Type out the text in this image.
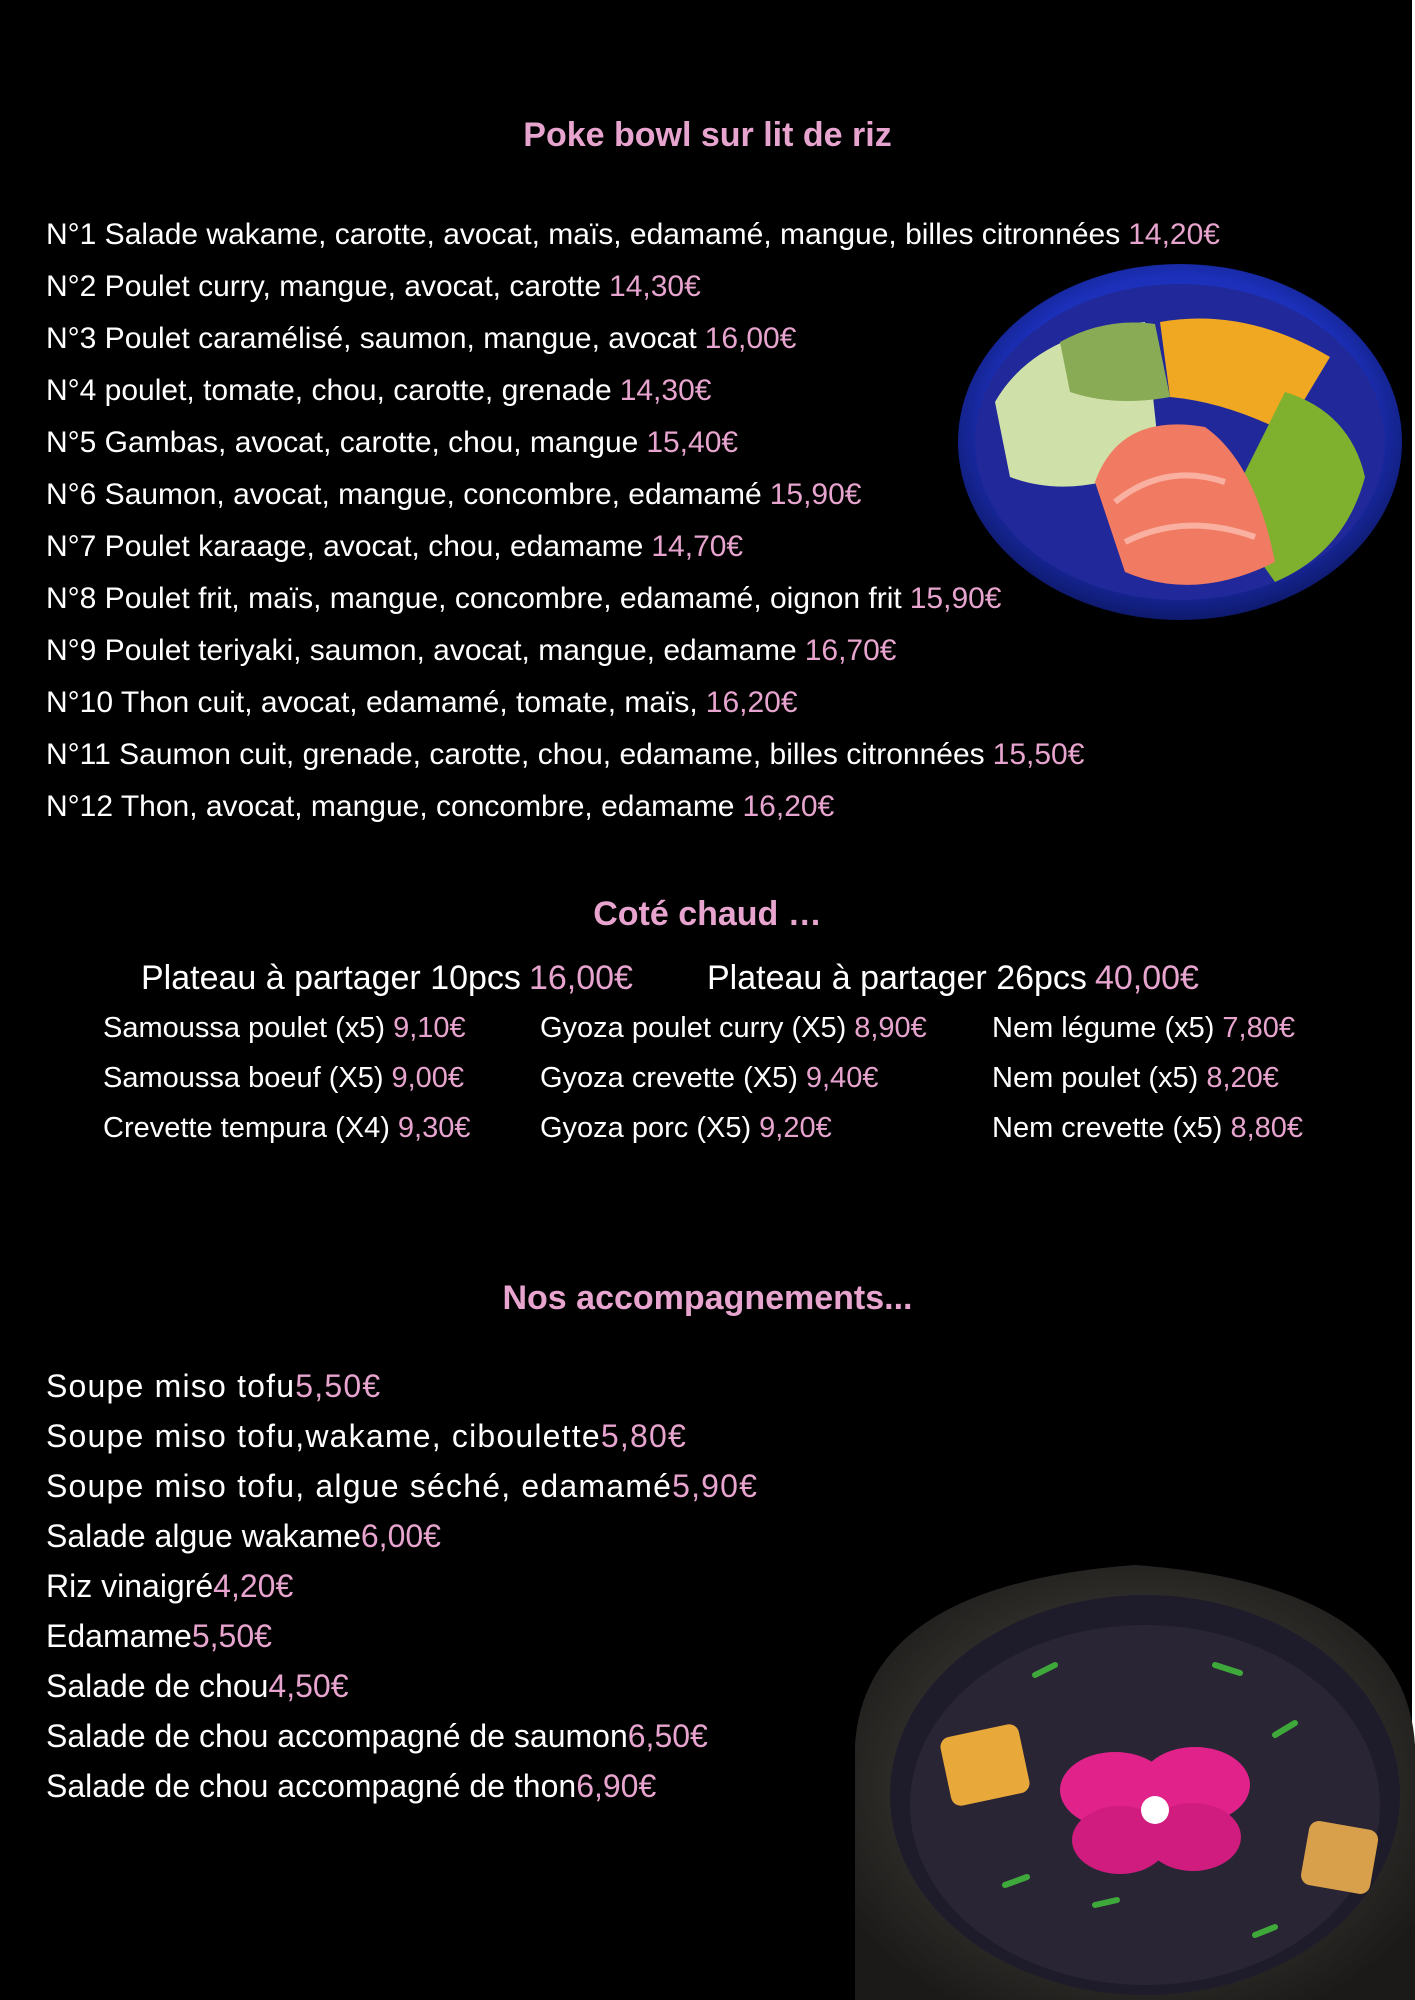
Poke bowl sur lit de riz
N°1 Salade wakame, carotte, avocat, maïs, edamamé, mangue, billes citronnées 14,20€
N°2 Poulet curry, mangue, avocat, carotte 14,30€
N°3 Poulet caramélisé, saumon, mangue, avocat 16,00€
N°4 poulet, tomate, chou, carotte, grenade 14,30€
N°5 Gambas, avocat, carotte, chou, mangue 15,40€
N°6 Saumon, avocat, mangue, concombre, edamamé 15,90€
N°7 Poulet karaage, avocat, chou, edamame 14,70€
N°8 Poulet frit, maïs, mangue, concombre, edamamé, oignon frit 15,90€
N°9 Poulet teriyaki, saumon, avocat, mangue, edamame 16,70€
N°10 Thon cuit, avocat, edamamé, tomate, maïs, 16,20€
N°11 Saumon cuit, grenade, carotte, chou, edamame, billes citronnées 15,50€
N°12 Thon, avocat, mangue, concombre, edamame 16,20€
Coté chaud …
Plateau à partager 10pcs 16,00€ Plateau à partager 26pcs 40,00€
Samoussa poulet (x5) 9,10€
Samoussa boeuf (X5) 9,00€
Crevette tempura (X4) 9,30€
Gyoza poulet curry (X5) 8,90€
Gyoza crevette (X5) 9,40€
Gyoza porc (X5) 9,20€
Nem légume (x5) 7,80€
Nem poulet (x5) 8,20€
Nem crevette (x5) 8,80€
Nos accompagnements...
Soupe miso tofu5,50€
Soupe miso tofu,wakame, ciboulette5,80€
Soupe miso tofu, algue séché, edamamé5,90€
Salade algue wakame6,00€
Riz vinaigré4,20€
Edamame5,50€
Salade de chou4,50€
Salade de chou accompagné de saumon6,50€
Salade de chou accompagné de thon6,90€
